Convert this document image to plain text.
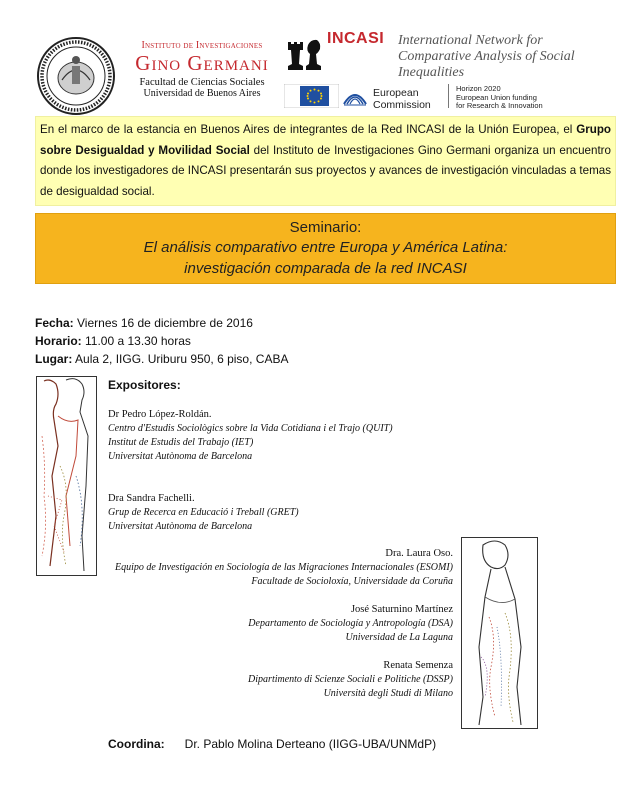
Instituto de Investigaciones
Gino Germani
Facultad de Ciencias Sociales
Universidad de Buenos Aires
INCASI International Network for Comparative Analysis of Social Inequalities
European
Commission
Horizon 2020
European Union funding
for Research & Innovation
En el marco de la estancia en Buenos Aires de integrantes de la Red INCASI de la Unión Europea, el Grupo sobre Desigualdad y Movilidad Social del Instituto de Investigaciones Gino Germani organiza un encuentro donde los investigadores de INCASI presentarán sus proyectos y avances de investigación vinculadas a temas de desigualdad social.
Seminario:
El análisis comparativo entre Europa y América Latina:
investigación comparada de la red INCASI
Fecha: Viernes 16 de diciembre de 2016
Horario: 11.00 a 13.30 horas
Lugar: Aula 2, IIGG. Uriburu 950, 6 piso, CABA
Expositores:
Dr Pedro López-Roldán.
Centro d'Estudis Sociològics sobre la Vida Cotidiana i el Trajo (QUIT)
Institut de Estudis del Trabajo (IET)
Universitat Autònoma de Barcelona
Dra Sandra Fachelli.
Grup de Recerca en Educació i Treball (GRET)
Universitat Autònoma de Barcelona
Dra. Laura Oso.
Equipo de Investigación en Sociología de las Migraciones Internacionales (ESOMI)
Facultade de Socioloxía, Universidade da Coruña
José Saturnino Martínez
Departamento de Sociología y Antropología (DSA)
Universidad de La Laguna
Renata Semenza
Dipartimento di Scienze Sociali e Politiche (DSSP)
Università degli Studi di Milano
Coordina: Dr. Pablo Molina Derteano (IIGG-UBA/UNMdP)
